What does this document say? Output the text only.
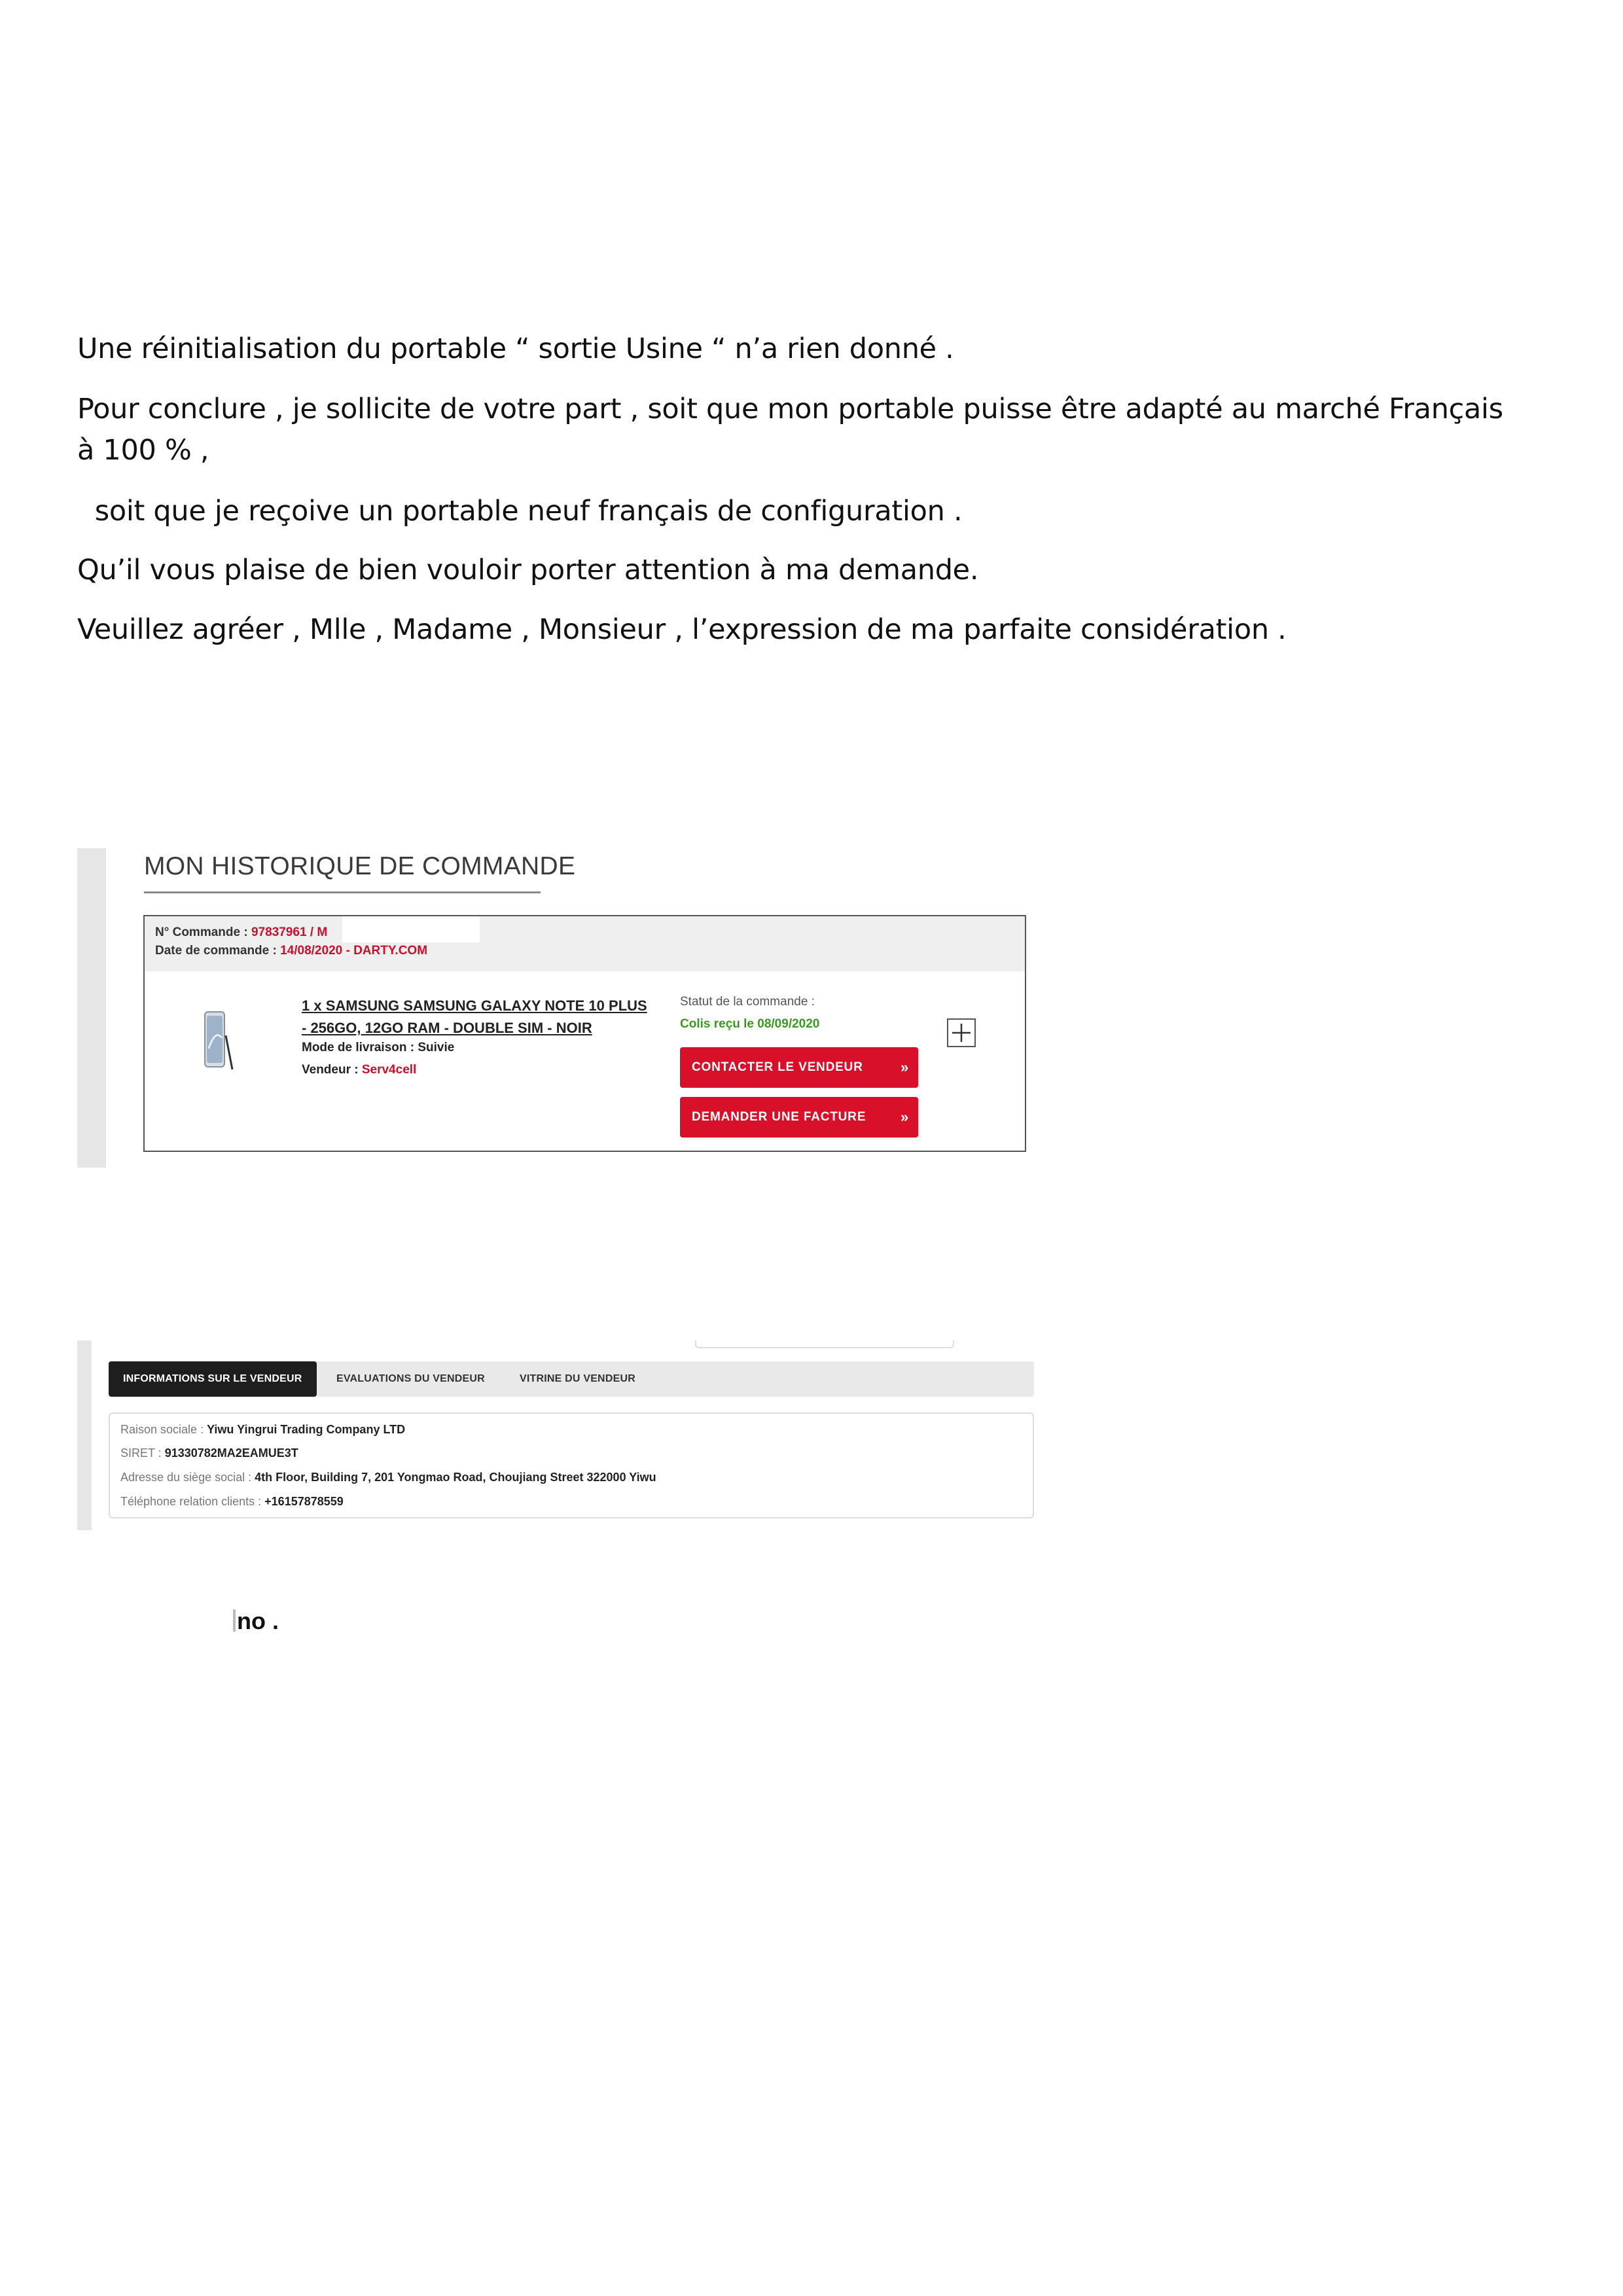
Une réinitialisation du portable “ sortie Usine “ n’a rien donné .

Pour conclure , je sollicite de votre part , soit que mon portable puisse être adapté au marché Français à 100 % ,

soit que je reçoive un portable neuf français de configuration .

Qu’il vous plaise de bien vouloir porter attention à ma demande.

Veuillez agréer , Mlle , Madame , Monsieur , l’expression de ma parfaite considération .

MON HISTORIQUE DE COMMANDE
N° Commande : 97837961 / M
Date de commande : 14/08/2020 - DARTY.COM
1 x SAMSUNG SAMSUNG GALAXY NOTE 10 PLUS
- 256GO, 12GO RAM - DOUBLE SIM - NOIR
Mode de livraison : Suivie
Vendeur : Serv4cell
Statut de la commande :
Colis reçu le 08/09/2020
CONTACTER LE VENDEUR	»
DEMANDER UNE FACTURE »
INFORMATIONS SUR LE VENDEUR	EVALUATIONS DU VENDEUR	VITRINE DU VENDEUR
Raison sociale : Yiwu Yingrui Trading Company LTD
SIRET : 91330782MA2EAMUE3T
Adresse du siège social : 4th Floor, Building 7, 201 Yongmao Road, Choujiang Street 322000 Yiwu
Téléphone relation clients : +16157878559
no .
